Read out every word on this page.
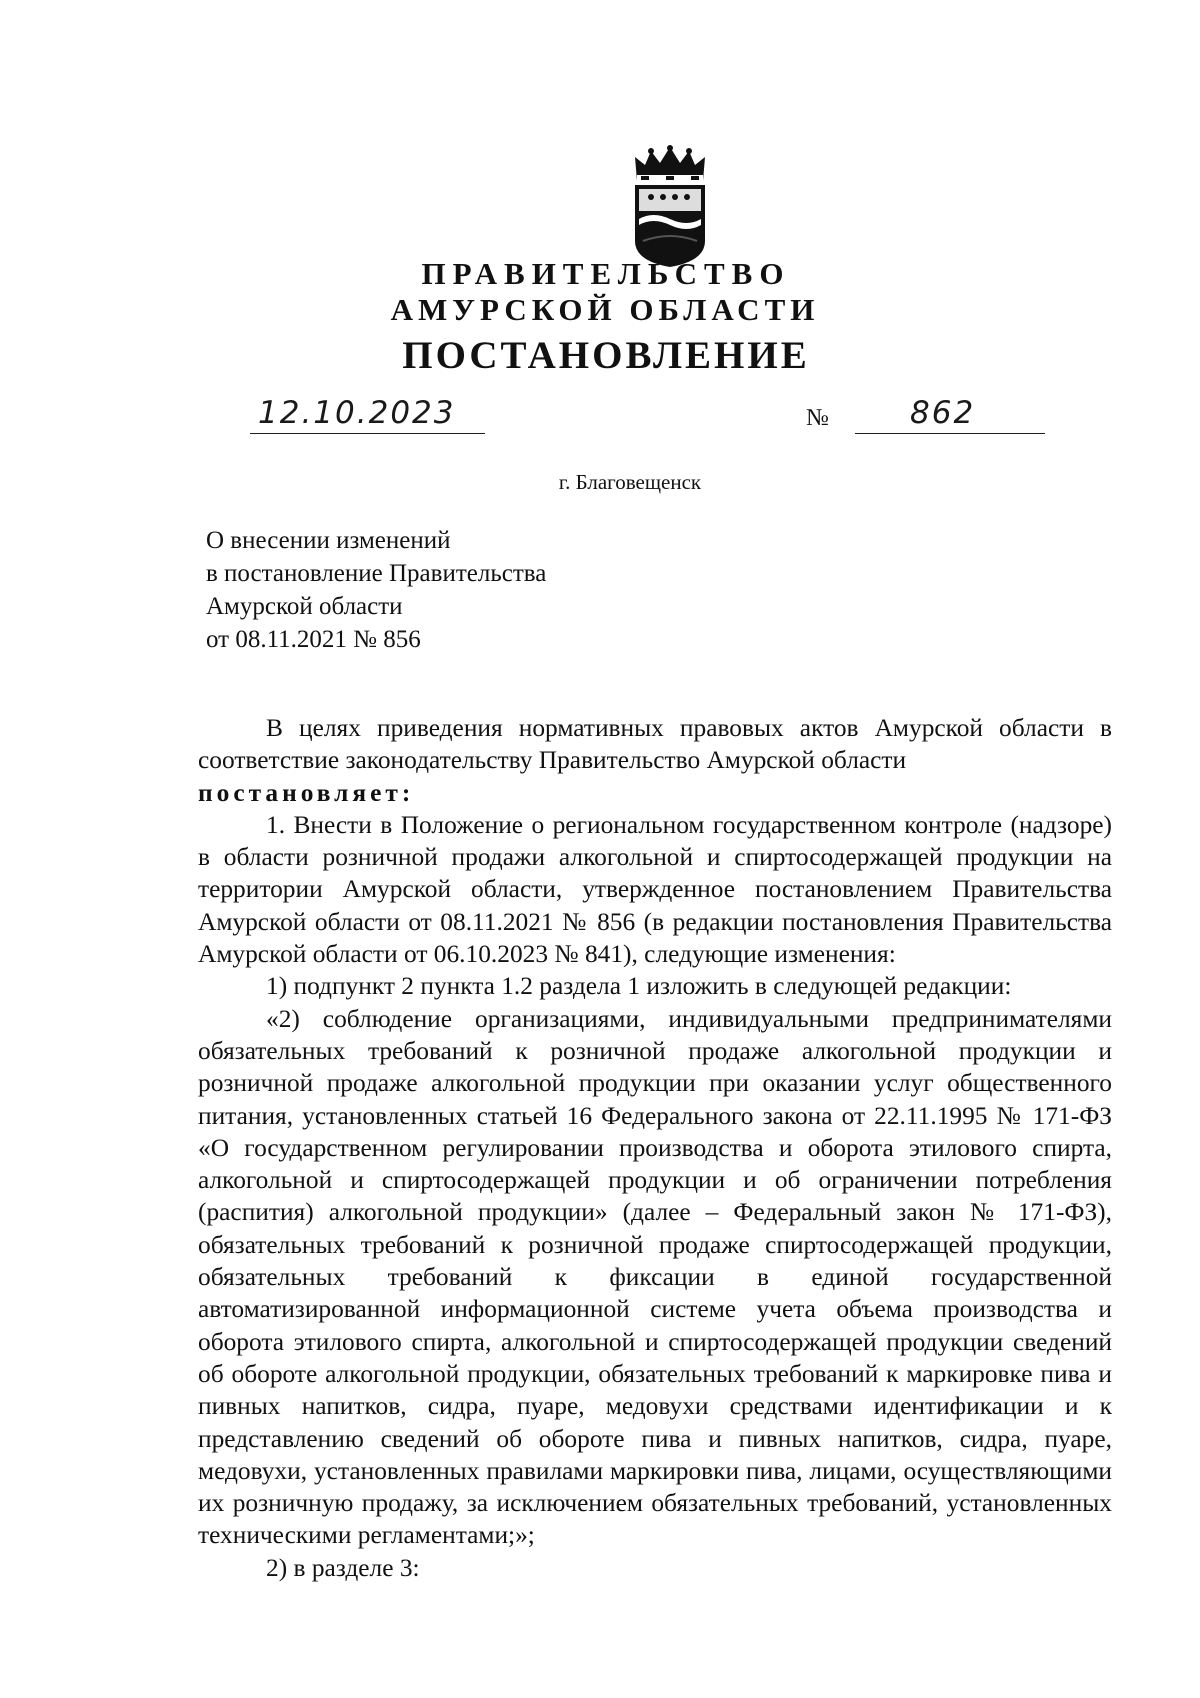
ПРАВИТЕЛЬСТВО
АМУРСКОЙ ОБЛАСТИ
ПОСТАНОВЛЕНИЕ
12.10.2023	№	862
г. Благовещенск
О внесении изменений
в постановление Правительства
Амурской области
от 08.11.2021 № 856

В целях приведения нормативных правовых актов Амурской области в соответствие законодательству Правительство Амурской области

постановляет:

1. Внести в Положение о региональном государственном контроле (надзоре) в области розничной продажи алкогольной и спиртосодержащей продукции на территории Амурской области, утвержденное постановлением Правительства Амурской области от 08.11.2021 № 856 (в редакции постановления Правительства Амурской области от 06.10.2023 № 841), следующие изменения:

1) подпункт 2 пункта 1.2 раздела 1 изложить в следующей редакции:

«2) соблюдение организациями, индивидуальными предпринимателями обязательных требований к розничной продаже алкогольной продукции и розничной продаже алкогольной продукции при оказании услуг общественного питания, установленных статьей 16 Федерального закона от 22.11.1995 № 171-ФЗ «О государственном регулировании производства и оборота этилового спирта, алкогольной и спиртосодержащей продукции и об ограничении потребления (распития) алкогольной продукции» (далее – Федеральный закон № 171-ФЗ), обязательных требований к розничной продаже спиртосодержащей продукции, обязательных требований к фиксации в единой государственной автоматизированной информационной системе учета объема производства и оборота этилового спирта, алкогольной и спиртосодержащей продукции сведений об обороте алкогольной продукции, обязательных требований к маркировке пива и пивных напитков, сидра, пуаре, медовухи средствами идентификации и к представлению сведений об обороте пива и пивных напитков, сидра, пуаре, медовухи, установленных правилами маркировки пива, лицами, осуществляющими их розничную продажу, за исключением обязательных требований, установленных техническими регламентами;»;

2) в разделе 3:
